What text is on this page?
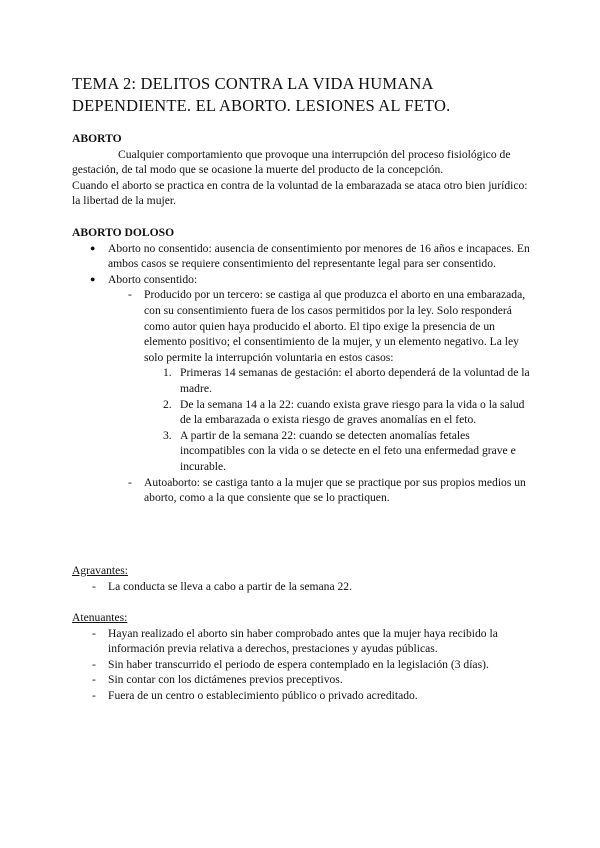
TEMA 2: DELITOS CONTRA LA VIDA HUMANA
DEPENDIENTE. EL ABORTO. LESIONES AL FETO.
ABORTO

Cualquier comportamiento que provoque una interrupción del proceso fisiológico de gestación, de tal modo que se ocasione la muerte del producto de la concepción.

Cuando el aborto se practica en contra de la voluntad de la embarazada se ataca otro bien jurídico: la libertad de la mujer.

ABORTO DOLOSO
●	Aborto no consentido: ausencia de consentimiento por menores de 16 años e incapaces. En ambos casos se requiere consentimiento del representante legal para ser consentido.
●	Aborto consentido:
-	Producido por un tercero: se castiga al que produzca el aborto en una embarazada, con su consentimiento fuera de los casos permitidos por la ley. Solo responderá como autor quien haya producido el aborto. El tipo exige la presencia de un elemento positivo; el consentimiento de la mujer, y un elemento negativo. La ley solo permite la interrupción voluntaria en estos casos:
1. Primeras 14 semanas de gestación: el aborto dependerá de la voluntad de la madre.
2. De la semana 14 a la 22: cuando exista grave riesgo para la vida o la salud de la embarazada o exista riesgo de graves anomalías en el feto.
3. A partir de la semana 22: cuando se detecten anomalías fetales incompatibles con la vida o se detecte en el feto una enfermedad grave e incurable.
-	Autoaborto: se castiga tanto a la mujer que se practique por sus propios medios un aborto, como a la que consiente que se lo practiquen.
Agravantes:
-	La conducta se lleva a cabo a partir de la semana 22.
Atenuantes:
-	Hayan realizado el aborto sin haber comprobado antes que la mujer haya recibido la información previa relativa a derechos, prestaciones y ayudas públicas.
-	Sin haber transcurrido el periodo de espera contemplado en la legislación (3 días).
-	Sin contar con los dictámenes previos preceptivos.
-	Fuera de un centro o establecimiento público o privado acreditado.
